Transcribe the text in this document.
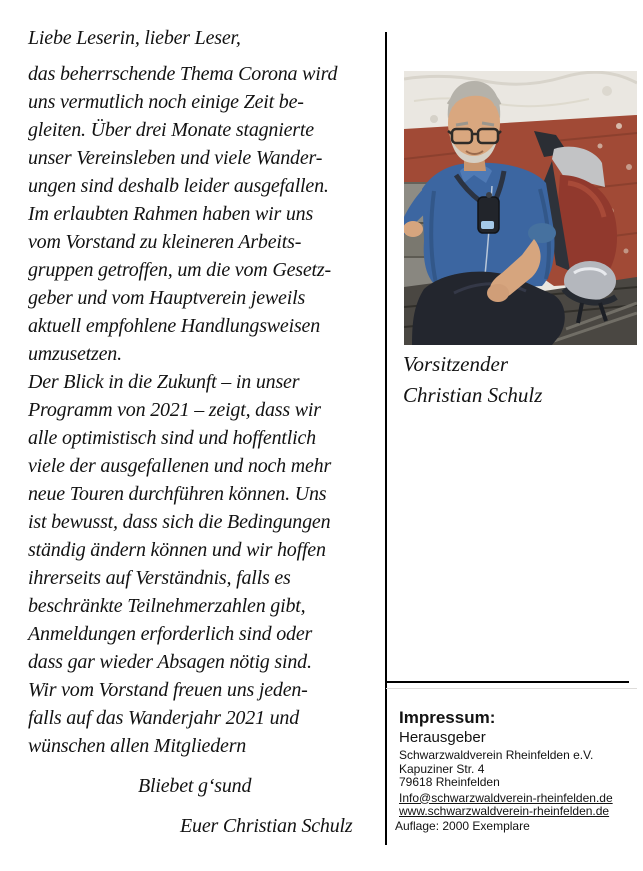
Liebe Leserin, lieber Leser,

das beherrschende Thema Corona wird
uns vermutlich noch einige Zeit be-
gleiten. Über drei Monate stagnierte
unser Vereinsleben und viele Wander-
ungen sind deshalb leider ausgefallen.
Im erlaubten Rahmen haben wir uns
vom Vorstand zu kleineren Arbeits-
gruppen getroffen, um die vom Gesetz-
geber und vom Hauptverein jeweils
aktuell empfohlene Handlungsweisen
umzusetzen.
Der Blick in die Zukunft – in unser
Programm von 2021 – zeigt, dass wir
alle optimistisch sind und hoffentlich
viele der ausgefallenen und noch mehr
neue Touren durchführen können. Uns
ist bewusst, dass sich die Bedingungen
ständig ändern können und wir hoffen
ihrerseits auf Verständnis, falls es
beschränkte Teilnehmerzahlen gibt,
Anmeldungen erforderlich sind oder
dass gar wieder Absagen nötig sind.
Wir vom Vorstand freuen uns jeden-
falls auf das Wanderjahr 2021 und
wünschen allen Mitgliedern

Bliebet g‘sund

Euer Christian Schulz

Vorsitzender
Christian Schulz

Impressum:

Herausgeber

Schwarzwaldverein Rheinfelden e.V.
Kapuziner Str. 4
79618 Rheinfelden
Info@schwarzwaldverein-rheinfelden.de
www.schwarzwaldverein-rheinfelden.de
Auflage: 2000 Exemplare
